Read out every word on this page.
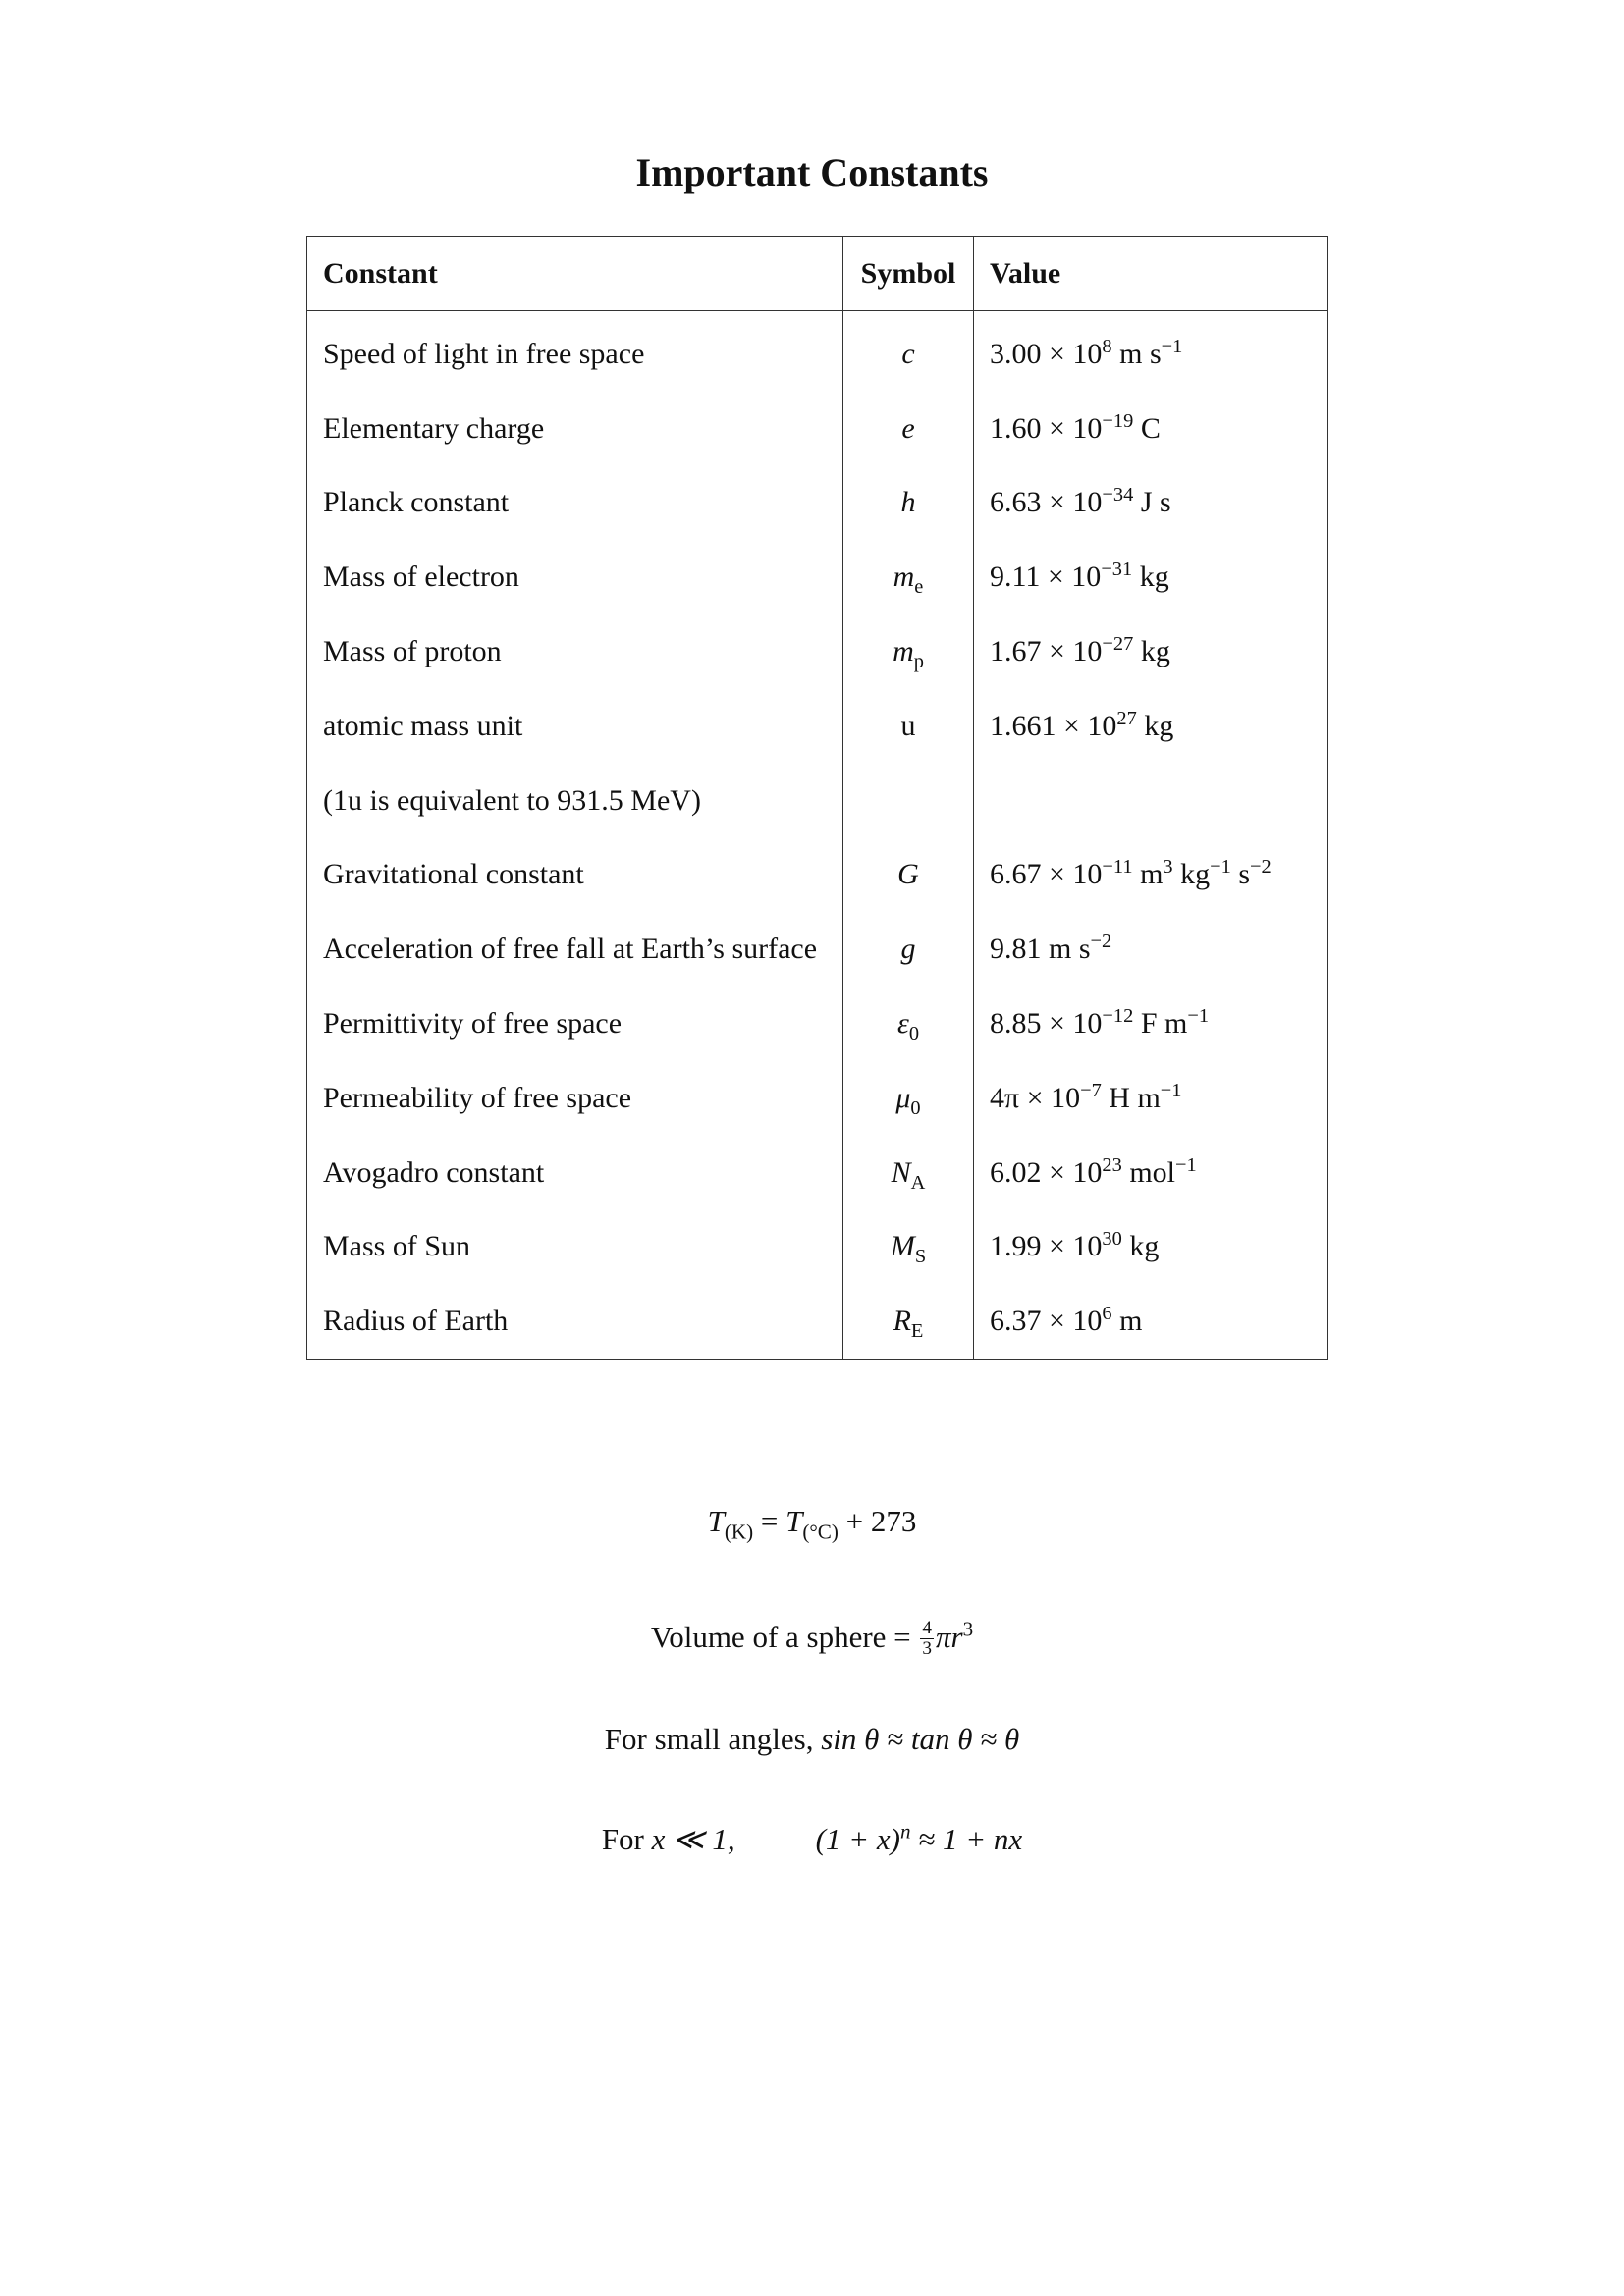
Important Constants
Constant	Symbol	Value
Speed of light in free space	c	$3.00 \times 10^8$ m $s^{-1}$
Elementary charge	e	$1.60 \times 10^{-19}$ C
Planck constant	h	$6.63 \times 10^{-34}$ J s
Mass of electron	$m_e$	$9.11 \times 10^{-31}$ kg
Mass of proton	$m_p$	$1.67 \times 10^{-27}$ kg
atomic mass unit	u	$1.661 \times 10^{27}$ kg
(1u is equivalent to 931.5 MeV)		
Gravitational constant	G	$6.67 \times 10^{-11}$ $m^3$ $kg^{-1}$ $s^{-2}$
Acceleration of free fall at Earth’s surface	g	9.81 m $s^{-2}$
Permittivity of free space	$\varepsilon_0$	$8.85 \times 10^{-12}$ F $m^{-1}$
Permeability of free space	$\mu_0$	$4\pi \times 10^{-7}$ H $m^{-1}$
Avogadro constant	$N_A$	$6.02 \times 10^{23}$ mol$^{-1}$
Mass of Sun	$M_S$	$1.99 \times 10^{30}$ kg
Radius of Earth	$R_E$	$6.37 \times 10^6$ m
$T_{(K)} = T_{(^\circ C)} + 273$
Volume of a sphere = $\frac{4}{3} \pi r^3$
For small angles, sin θ ≈ tan θ ≈ θ
For x ≪ 1,	$(1 + x)^n \approx 1$ + nx
